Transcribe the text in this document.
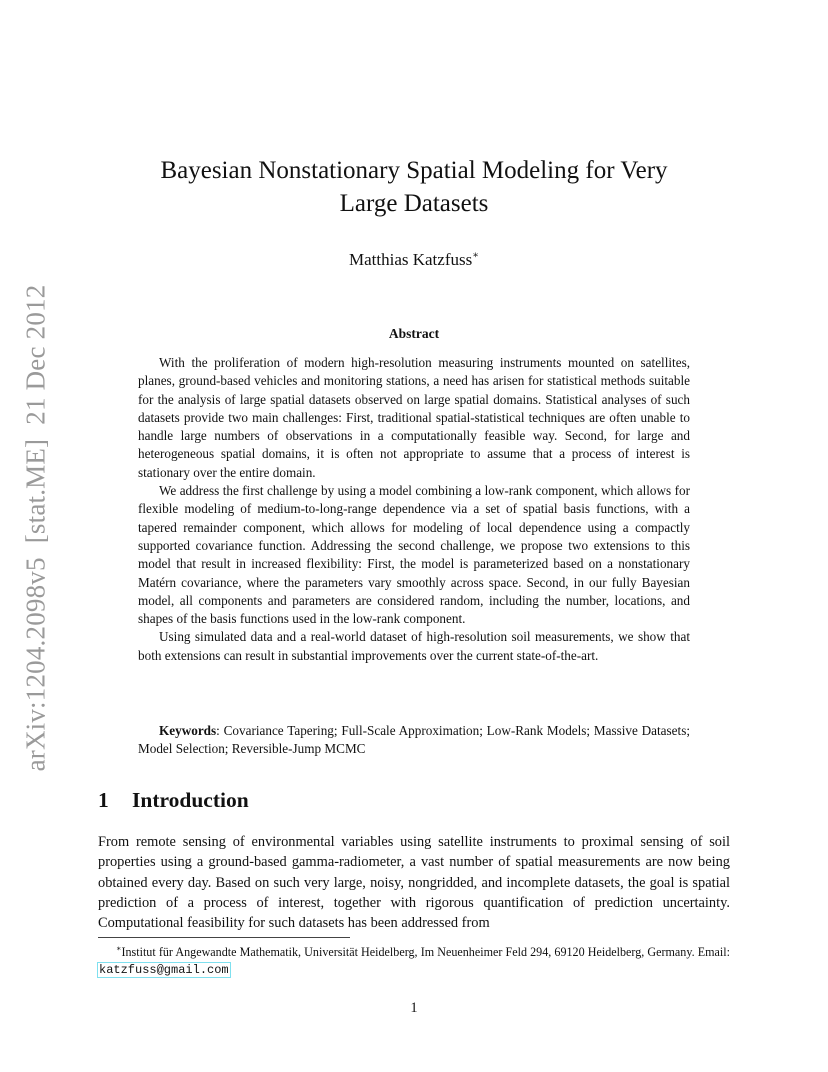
arXiv:1204.2098v5[stat.ME]21 Dec 2012
Bayesian Nonstationary Spatial Modeling for Very
Large Datasets
Matthias Katzfuss∗
Abstract

With the proliferation of modern high-resolution measuring instruments mounted on satellites, planes, ground-based vehicles and monitoring stations, a need has arisen for statistical methods suitable for the analysis of large spatial datasets observed on large spatial domains. Statistical analyses of such datasets provide two main challenges: First, traditional spatial-statistical techniques are often unable to handle large numbers of observations in a computationally feasible way. Second, for large and heterogeneous spatial domains, it is often not appropriate to assume that a process of interest is stationary over the entire domain.

We address the first challenge by using a model combining a low-rank component, which allows for flexible modeling of medium-to-long-range dependence via a set of spatial basis functions, with a tapered remainder component, which allows for modeling of local dependence using a compactly supported covariance function. Addressing the second challenge, we propose two extensions to this model that result in increased flexibility: First, the model is parameterized based on a nonstationary Matérn covariance, where the parameters vary smoothly across space. Second, in our fully Bayesian model, all components and parameters are considered random, including the number, locations, and shapes of the basis functions used in the low-rank component.

Using simulated data and a real-world dataset of high-resolution soil measurements, we show that both extensions can result in substantial improvements over the current state-of-the-art.

Keywords: Covariance Tapering; Full-Scale Approximation; Low-Rank Models; Massive Datasets; Model Selection; Reversible-Jump MCMC
1 Introduction

From remote sensing of environmental variables using satellite instruments to proximal sensing of soil properties using a ground-based gamma-radiometer, a vast number of spatial measurements are now being obtained every day. Based on such very large, noisy, nongridded, and incomplete datasets, the goal is spatial prediction of a process of interest, together with rigorous quantification of prediction uncertainty. Computational feasibility for such datasets has been addressed from

∗Institut für Angewandte Mathematik, Universität Heidelberg, Im Neuenheimer Feld 294, 69120 Heidelberg, Germany. Email: katzfuss@gmail.com
1
